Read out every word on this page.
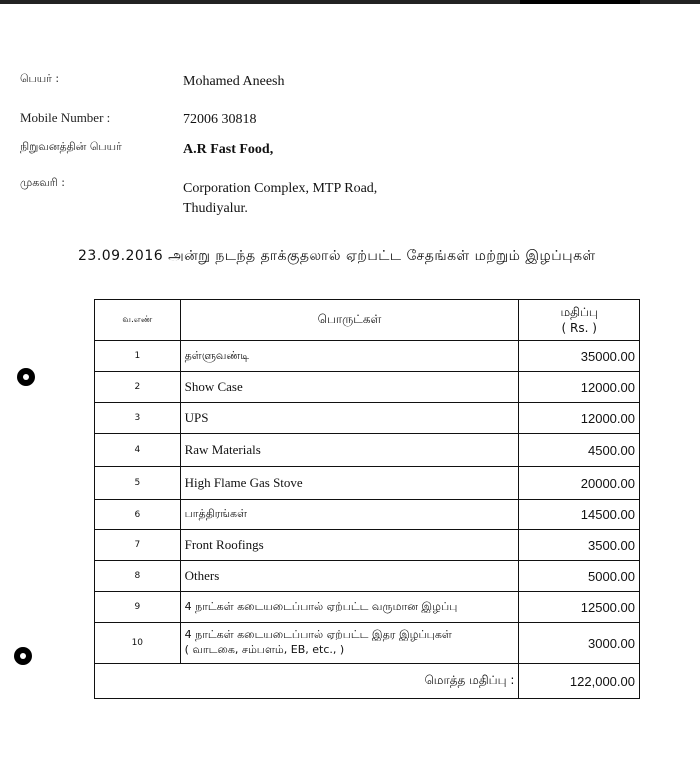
பெயர் :	Mohamed Aneesh
Mobile Number :	72006 30818
நிறுவனத்தின் பெயர்	A.R Fast Food,
முகவரி :	Corporation Complex, MTP Road,
Thudiyalur.
23.09.2016 அன்று நடந்த தாக்குதலால் ஏற்பட்ட சேதங்கள் மற்றும் இழப்புகள்
வ.எண்	பொருட்கள்	மதிப்பு
( Rs. )

1	தள்ளுவண்டி	35000.00
2	Show Case	12000.00
3	UPS	12000.00
4	Raw Materials	4500.00
5	High Flame Gas Stove	20000.00
6	பாத்திரங்கள்	14500.00
7	Front Roofings	3500.00
8	Others	5000.00
9	4 நாட்கள் கடையடைப்பால் ஏற்பட்ட வருமான இழப்பு	12500.00
10	4 நாட்கள் கடையடைப்பால் ஏற்பட்ட இதர இழப்புகள்
( வாடகை, சம்பளம், EB, etc., )	3000.00
மொத்த மதிப்பு :		122,000.00
